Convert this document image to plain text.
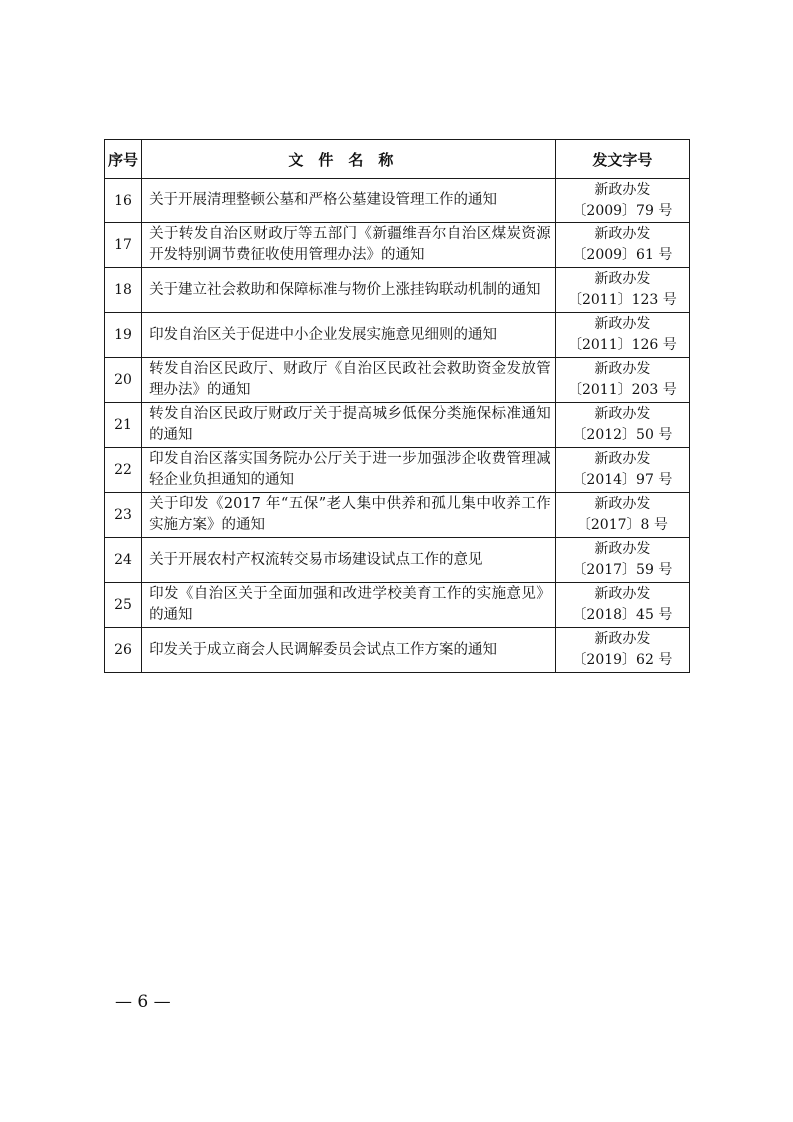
序号	文件名称	发文字号
16	关于开展清理整顿公墓和严格公墓建设管理工作的通知	新政办发
〔2009〕79 号

17	关于转发自治区财政厅等五部门《新疆维吾尔自治区煤炭资源开发特别调节费征收使用管理办法》的通知	新政办发
〔2009〕61 号

18	关于建立社会救助和保障标准与物价上涨挂钩联动机制的通知	新政办发
〔2011〕123 号

19	印发自治区关于促进中小企业发展实施意见细则的通知	新政办发
〔2011〕126 号

20	转发自治区民政厅、财政厅《自治区民政社会救助资金发放管理办法》的通知	新政办发
〔2011〕203 号

21	转发自治区民政厅财政厅关于提高城乡低保分类施保标准通知的通知	新政办发
〔2012〕50 号

22	印发自治区落实国务院办公厅关于进一步加强涉企收费管理减轻企业负担通知的通知	新政办发
〔2014〕97 号

23	关于印发《2017 年“五保”老人集中供养和孤儿集中收养工作实施方案》的通知	新政办发
〔2017〕8 号

24	关于开展农村产权流转交易市场建设试点工作的意见	新政办发
〔2017〕59 号

25	印发《自治区关于全面加强和改进学校美育工作的实施意见》的通知	新政办发
〔2018〕45 号

26	印发关于成立商会人民调解委员会试点工作方案的通知	新政办发
〔2019〕62 号
— 6 —
